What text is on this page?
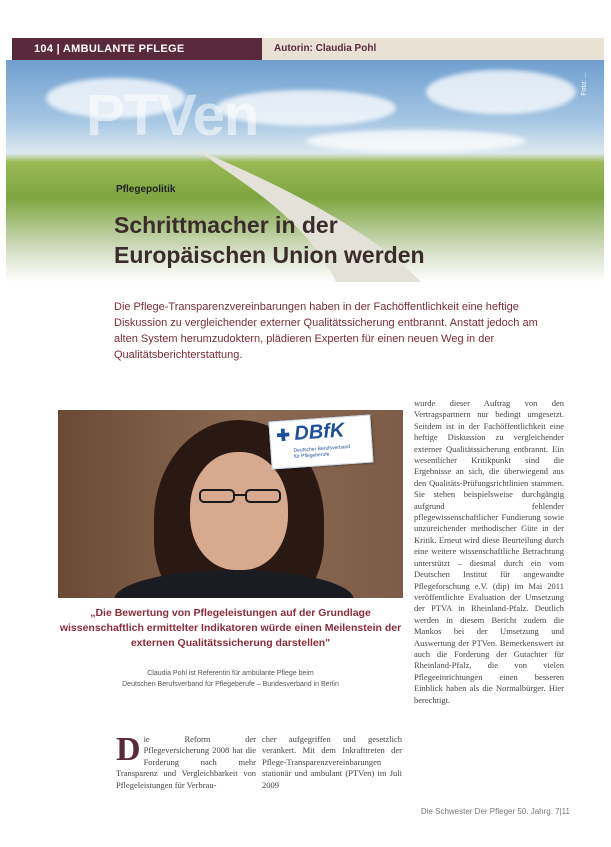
104 | AMBULANTE PFLEGE	Autorin: Claudia Pohl
PTVen	Foto: ...
Pflegepolitik
Schrittmacher in der
Europäischen Union werden
Die Pflege-Transparenzvereinbarungen haben in der Fachöffentlichkeit eine heftige Diskussion zu vergleichender externer Qualitätssicherung entbrannt. Anstatt jedoch am alten System herumzudoktern, plädieren Experten für einen neuen Weg in der Qualitätsberichterstattung.
✚ DBfK
Deutscher Berufsverband
für Pflegeberufe
„Die Bewertung von Pflegeleistungen auf der Grundlage wissenschaftlich ermittelter Indikatoren würde einen Meilenstein der externen Qualitätssicherung darstellen"
Claudia Pohl ist Referentin für ambulante Pflege beim
Deutschen Berufsverband für Pflegeberufe – Bundesverband in Berlin
wurde dieser Auftrag von den Vertragspartnern nur bedingt umgesetzt. Seitdem ist in der Fachöffentlichkeit eine heftige Diskussion zu vergleichender externer Qualitätssicherung entbrannt. Ein wesentlicher Kritikpunkt sind die Ergebnisse an sich, die überwiegend aus den Qualitäts-Prüfungsrichtlinien stammen. Sie stehen beispielsweise durchgängig aufgrund fehlender pflegewissenschaftlicher Fundierung sowie unzureichender methodischer Güte in der Kritik. Erneut wird diese Beurteilung durch eine weitere wissenschaftliche Betrachtung unterstützt – diesmal durch ein vom Deutschen Institut für angewandte Pflegeforschung e.V. (dip) im Mai 2011 veröffentlichte Evaluation der Umsetzung der PTVA in Rheinland-Pfalz. Deutlich werden in diesem Bericht zudem die Mankos bei der Umsetzung und Auswertung der PTVen. Bemerkenswert ist auch die Forderung der Gutachter für Rheinland-Pfalz, die von vielen Pflegeeinrichtungen einen besseren Einblick haben als die Normalbürger. Hier berechtigt.
D ie Reform der Pflegeversicherung 2008 hat die Forderung nach mehr Transparenz und Vergleichbarkeit von Pflegeleistungen für Verbrau-
cher aufgegriffen und gesetzlich verankert. Mit dem Inkrafttreten der Pflege-Transparenzvereinbarungen stationär und ambulant (PTVen) im Juli 2009
Die Schwester Der Pfleger 50. Jahrg. 7|11
